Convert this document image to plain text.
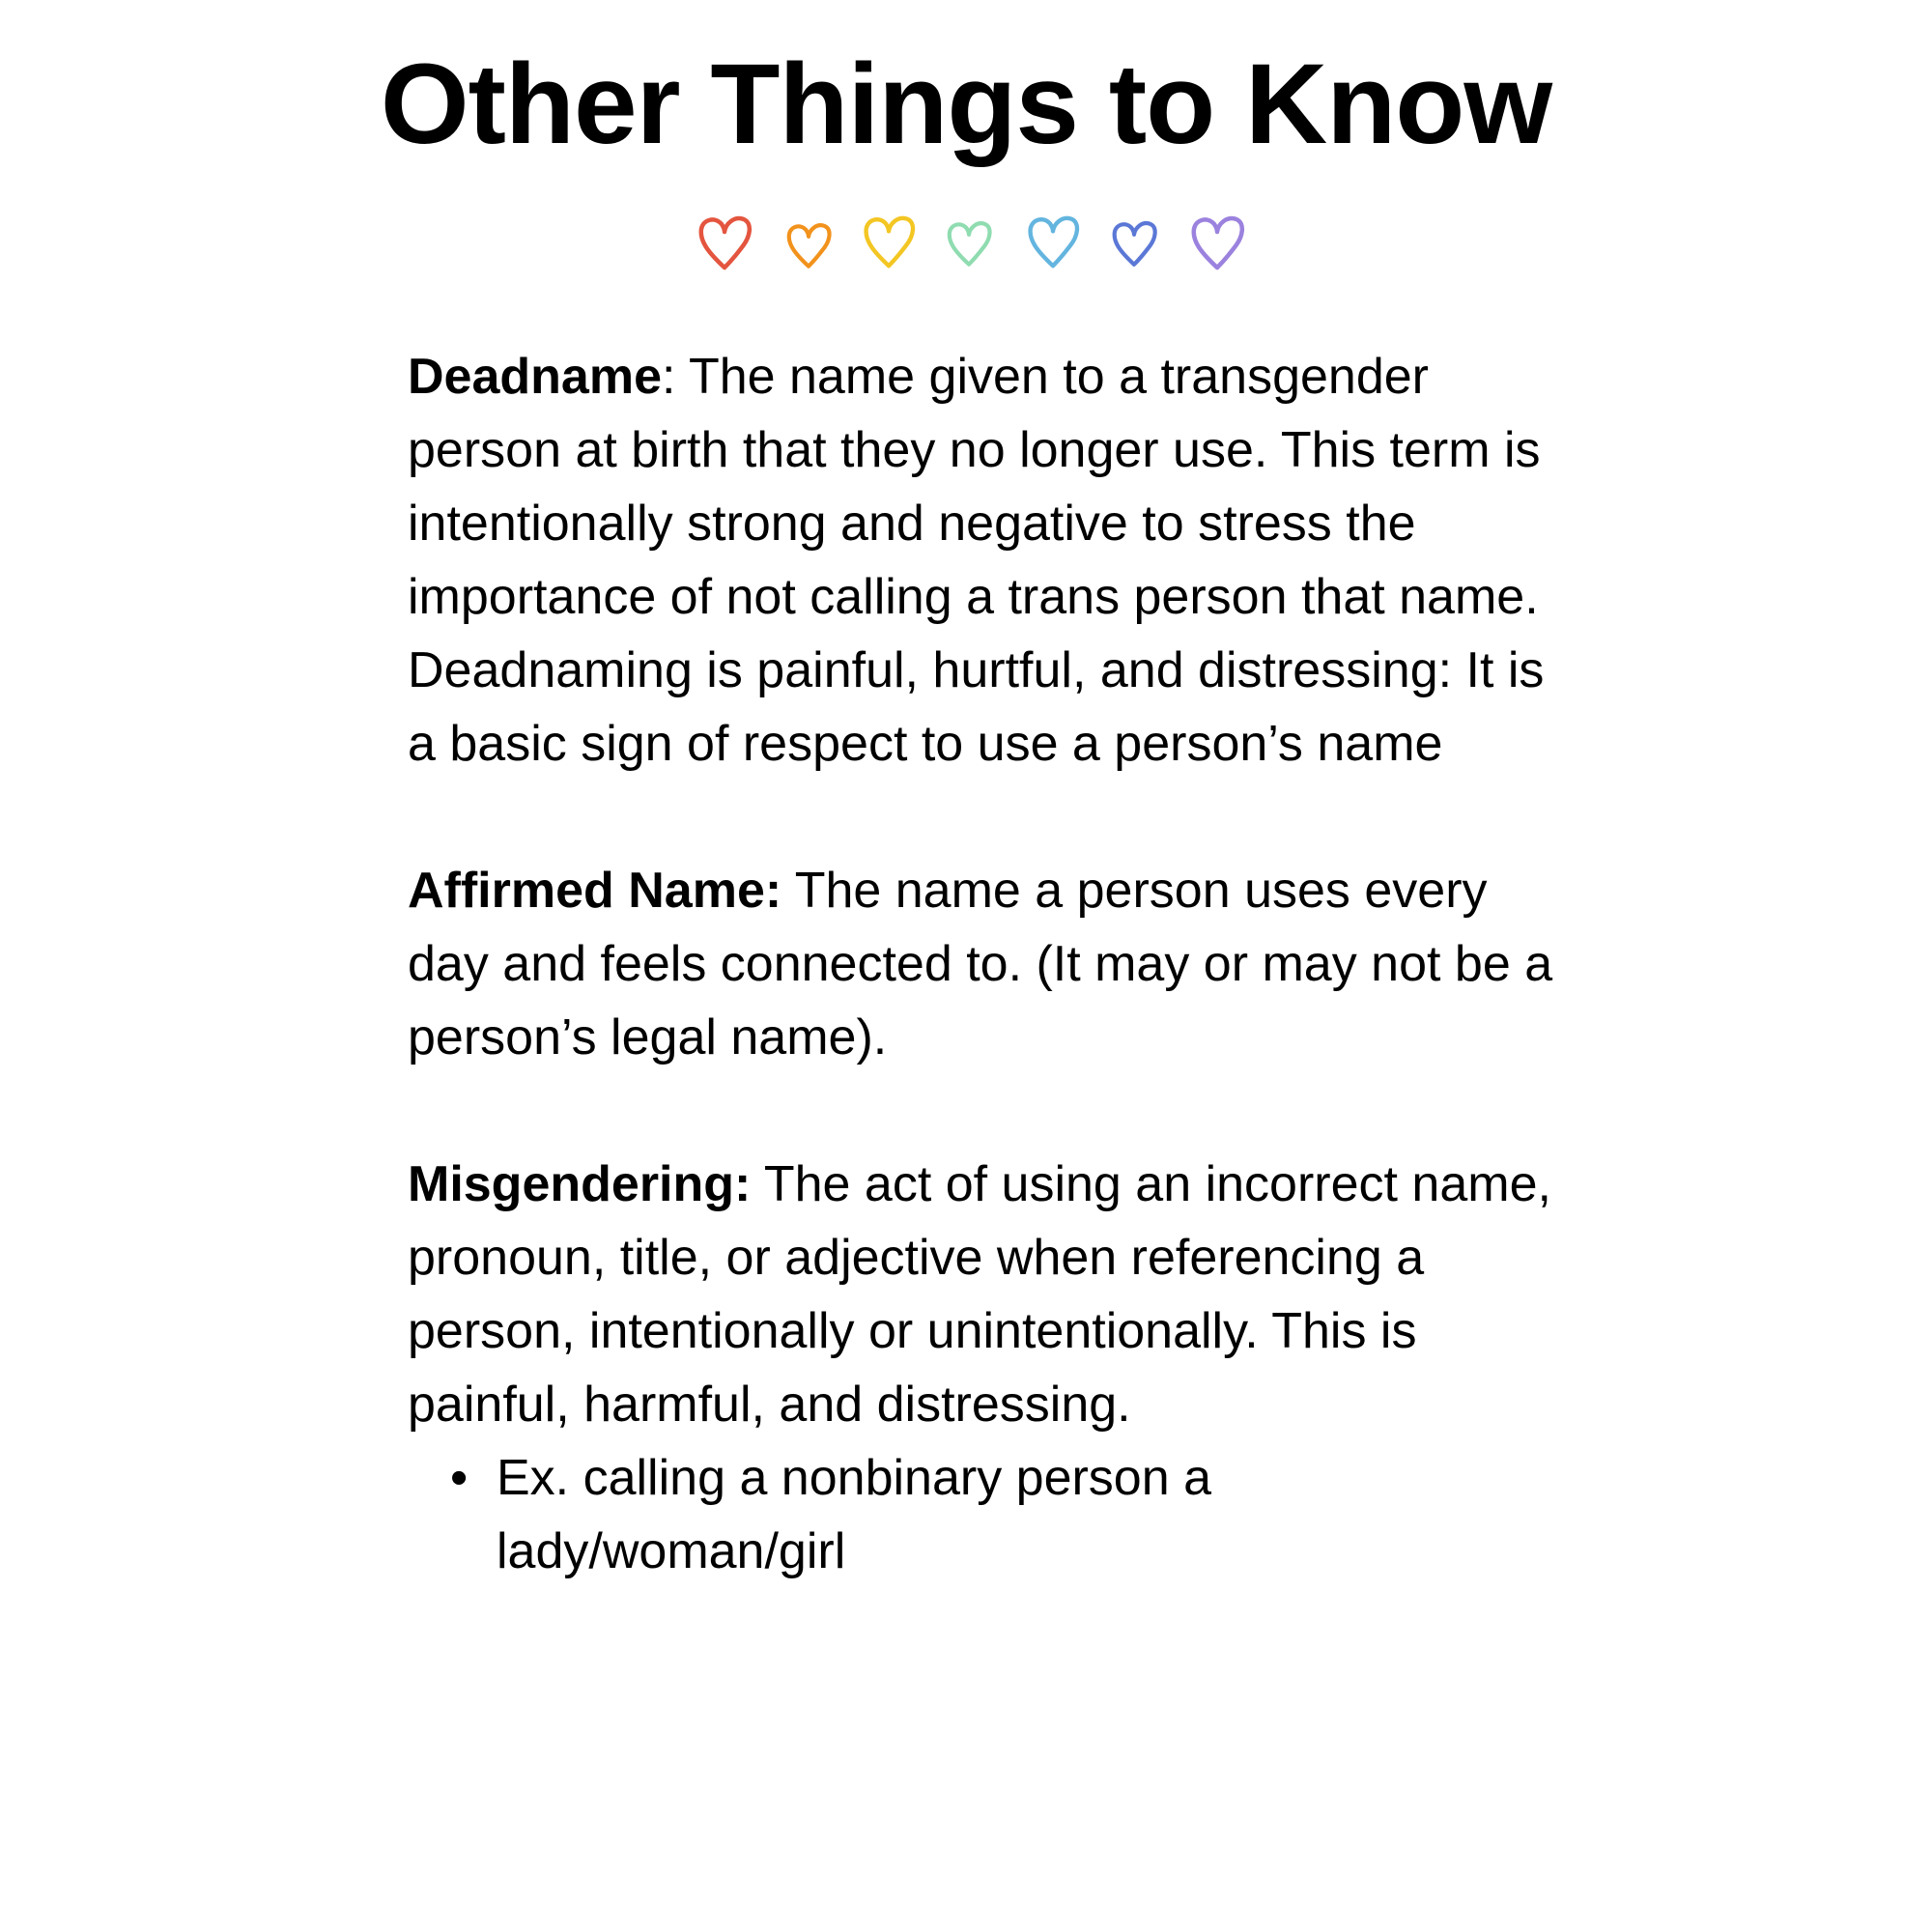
Other Things to Know

Deadname: The name given to a transgender person at birth that they no longer use. This term is intentionally strong and negative to stress the importance of not calling a trans person that name. Deadnaming is painful, hurtful, and distressing: It is a basic sign of respect to use a person’s name

Affirmed Name: The name a person uses every day and feels connected to. (It may or may not be a person’s legal name).

Misgendering: The act of using an incorrect name, pronoun, title, or adjective when referencing a person, intentionally or unintentionally. This is painful, harmful, and distressing.

• Ex. calling a nonbinary person a lady/woman/girl
